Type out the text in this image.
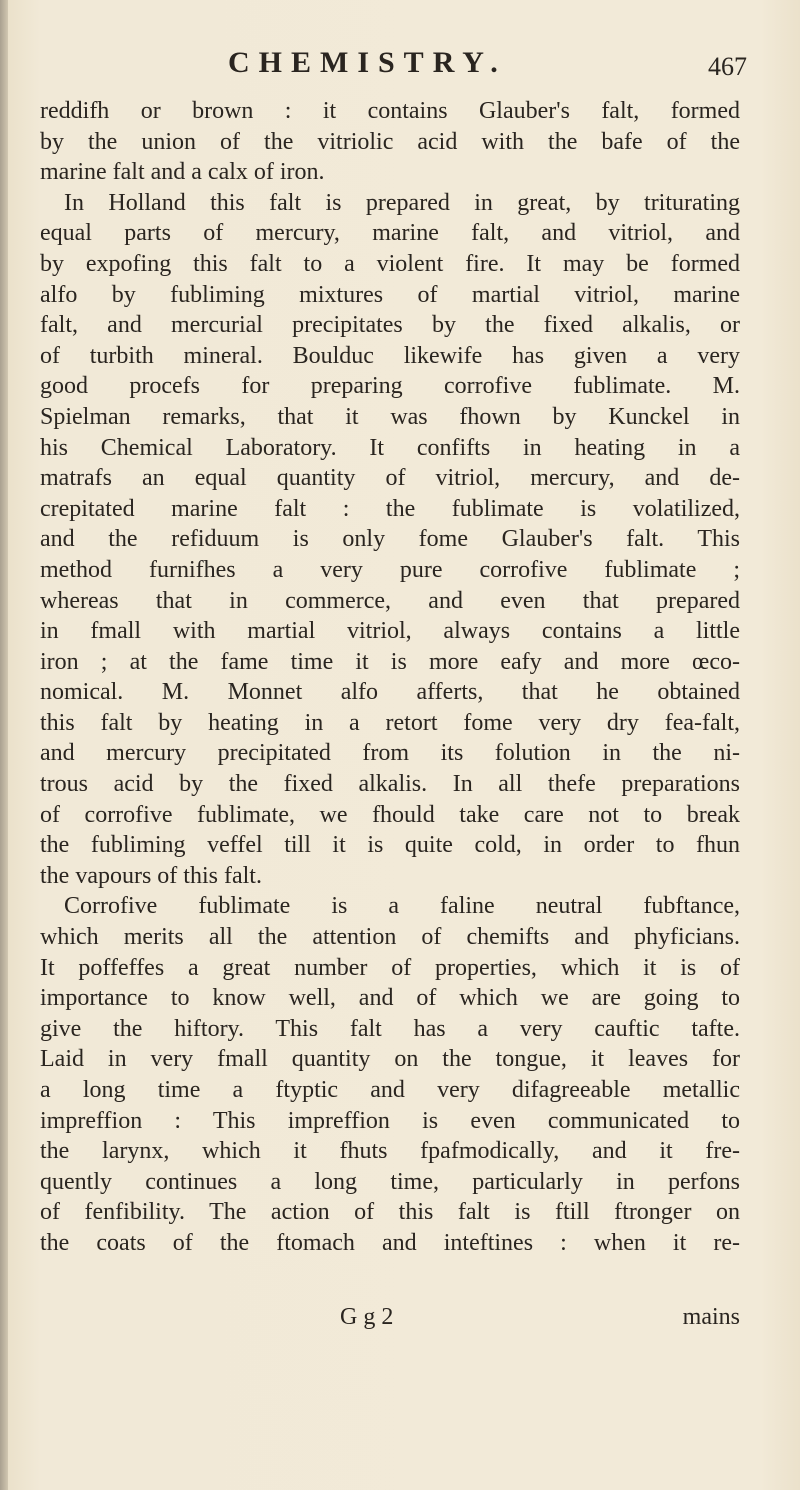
CHEMISTRY.	467
reddifh or brown : it contains Glauber's falt, formed
by the union of the vitriolic acid with the bafe of the
marine falt and a calx of iron.
In Holland this falt is prepared in great, by triturating
equal parts of mercury, marine falt, and vitriol, and
by expofing this falt to a violent fire. It may be formed
alfo by fubliming mixtures of martial vitriol, marine
falt, and mercurial precipitates by the fixed alkalis, or
of turbith mineral. Boulduc likewife has given a very
good procefs for preparing corrofive fublimate. M.
Spielman remarks, that it was fhown by Kunckel in
his Chemical Laboratory. It confifts in heating in a
matrafs an equal quantity of vitriol, mercury, and de-
crepitated marine falt : the fublimate is volatilized,
and the refiduum is only fome Glauber's falt. This
method furnifhes a very pure corrofive fublimate ;
whereas that in commerce, and even that prepared
in fmall with martial vitriol, always contains a little
iron ; at the fame time it is more eafy and more œco-
nomical. M. Monnet alfo afferts, that he obtained
this falt by heating in a retort fome very dry fea-falt,
and mercury precipitated from its folution in the ni-
trous acid by the fixed alkalis. In all thefe preparations
of corrofive fublimate, we fhould take care not to break
the fubliming veffel till it is quite cold, in order to fhun
the vapours of this falt.
Corrofive fublimate is a faline neutral fubftance,
which merits all the attention of chemifts and phyficians.
It poffeffes a great number of properties, which it is of
importance to know well, and of which we are going to
give the hiftory. This falt has a very cauftic tafte.
Laid in very fmall quantity on the tongue, it leaves for
a long time a ftyptic and very difagreeable metallic
impreffion : This impreffion is even communicated to
the larynx, which it fhuts fpafmodically, and it fre-
quently continues a long time, particularly in perfons
of fenfibility. The action of this falt is ftill ftronger on
the coats of the ftomach and inteftines : when it re-
G g 2	mains
